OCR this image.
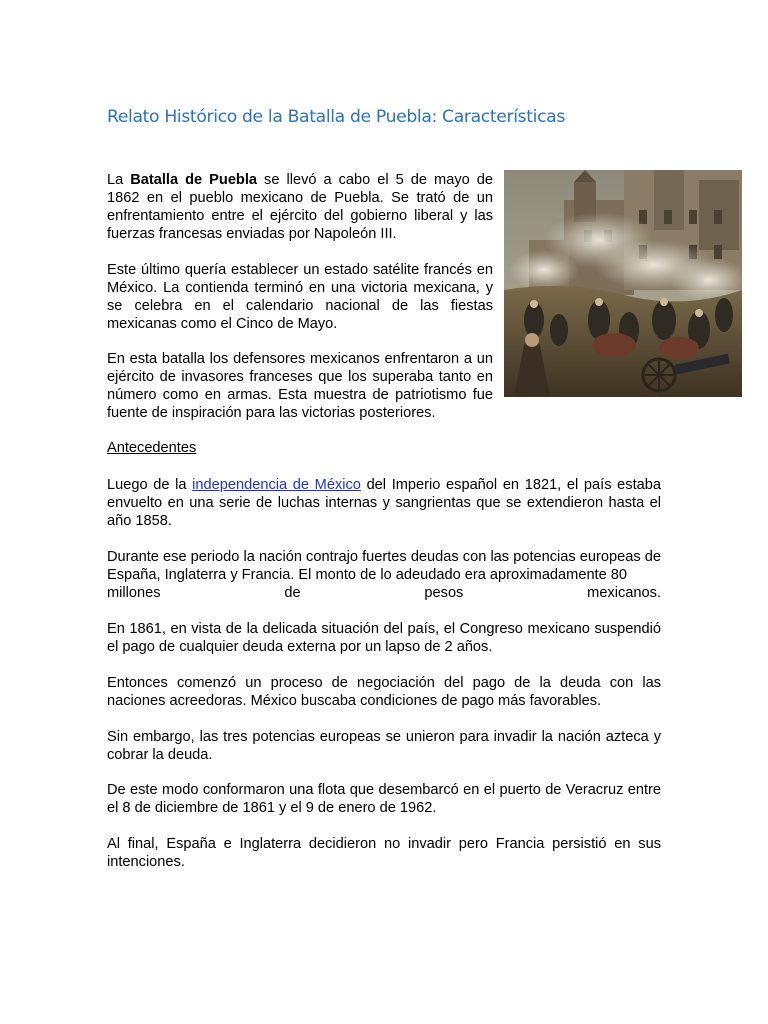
Relato Histórico de la Batalla de Puebla: Características

La Batalla de Puebla se llevó a cabo el 5 de mayo de 1862 en el pueblo mexicano de Puebla. Se trató de un enfrentamiento entre el ejército del gobierno liberal y las fuerzas francesas enviadas por Napoleón III.

Este último quería establecer un estado satélite francés en México. La contienda terminó en una victoria mexicana, y se celebra en el calendario nacional de las fiestas mexicanas como el Cinco de Mayo.

En esta batalla los defensores mexicanos enfrentaron a un ejército de invasores franceses que los superaba tanto en número como en armas. Esta muestra de patriotismo fue fuente de inspiración para las victorias posteriores.

Antecedentes

Luego de la independencia de México del Imperio español en 1821, el país estaba envuelto en una serie de luchas internas y sangrientas que se extendieron hasta el año 1858.

Durante ese periodo la nación contrajo fuertes deudas con las potencias europeas de España, Inglaterra y Francia. El monto de lo adeudado era aproximadamente 80
millones de pesos mexicanos.

En 1861, en vista de la delicada situación del país, el Congreso mexicano suspendió el pago de cualquier deuda externa por un lapso de 2 años.

Entonces comenzó un proceso de negociación del pago de la deuda con las naciones acreedoras. México buscaba condiciones de pago más favorables.

Sin embargo, las tres potencias europeas se unieron para invadir la nación azteca y cobrar la deuda.

De este modo conformaron una flota que desembarcó en el puerto de Veracruz entre el 8 de diciembre de 1861 y el 9 de enero de 1962.

Al final, España e Inglaterra decidieron no invadir pero Francia persistió en sus intenciones.
